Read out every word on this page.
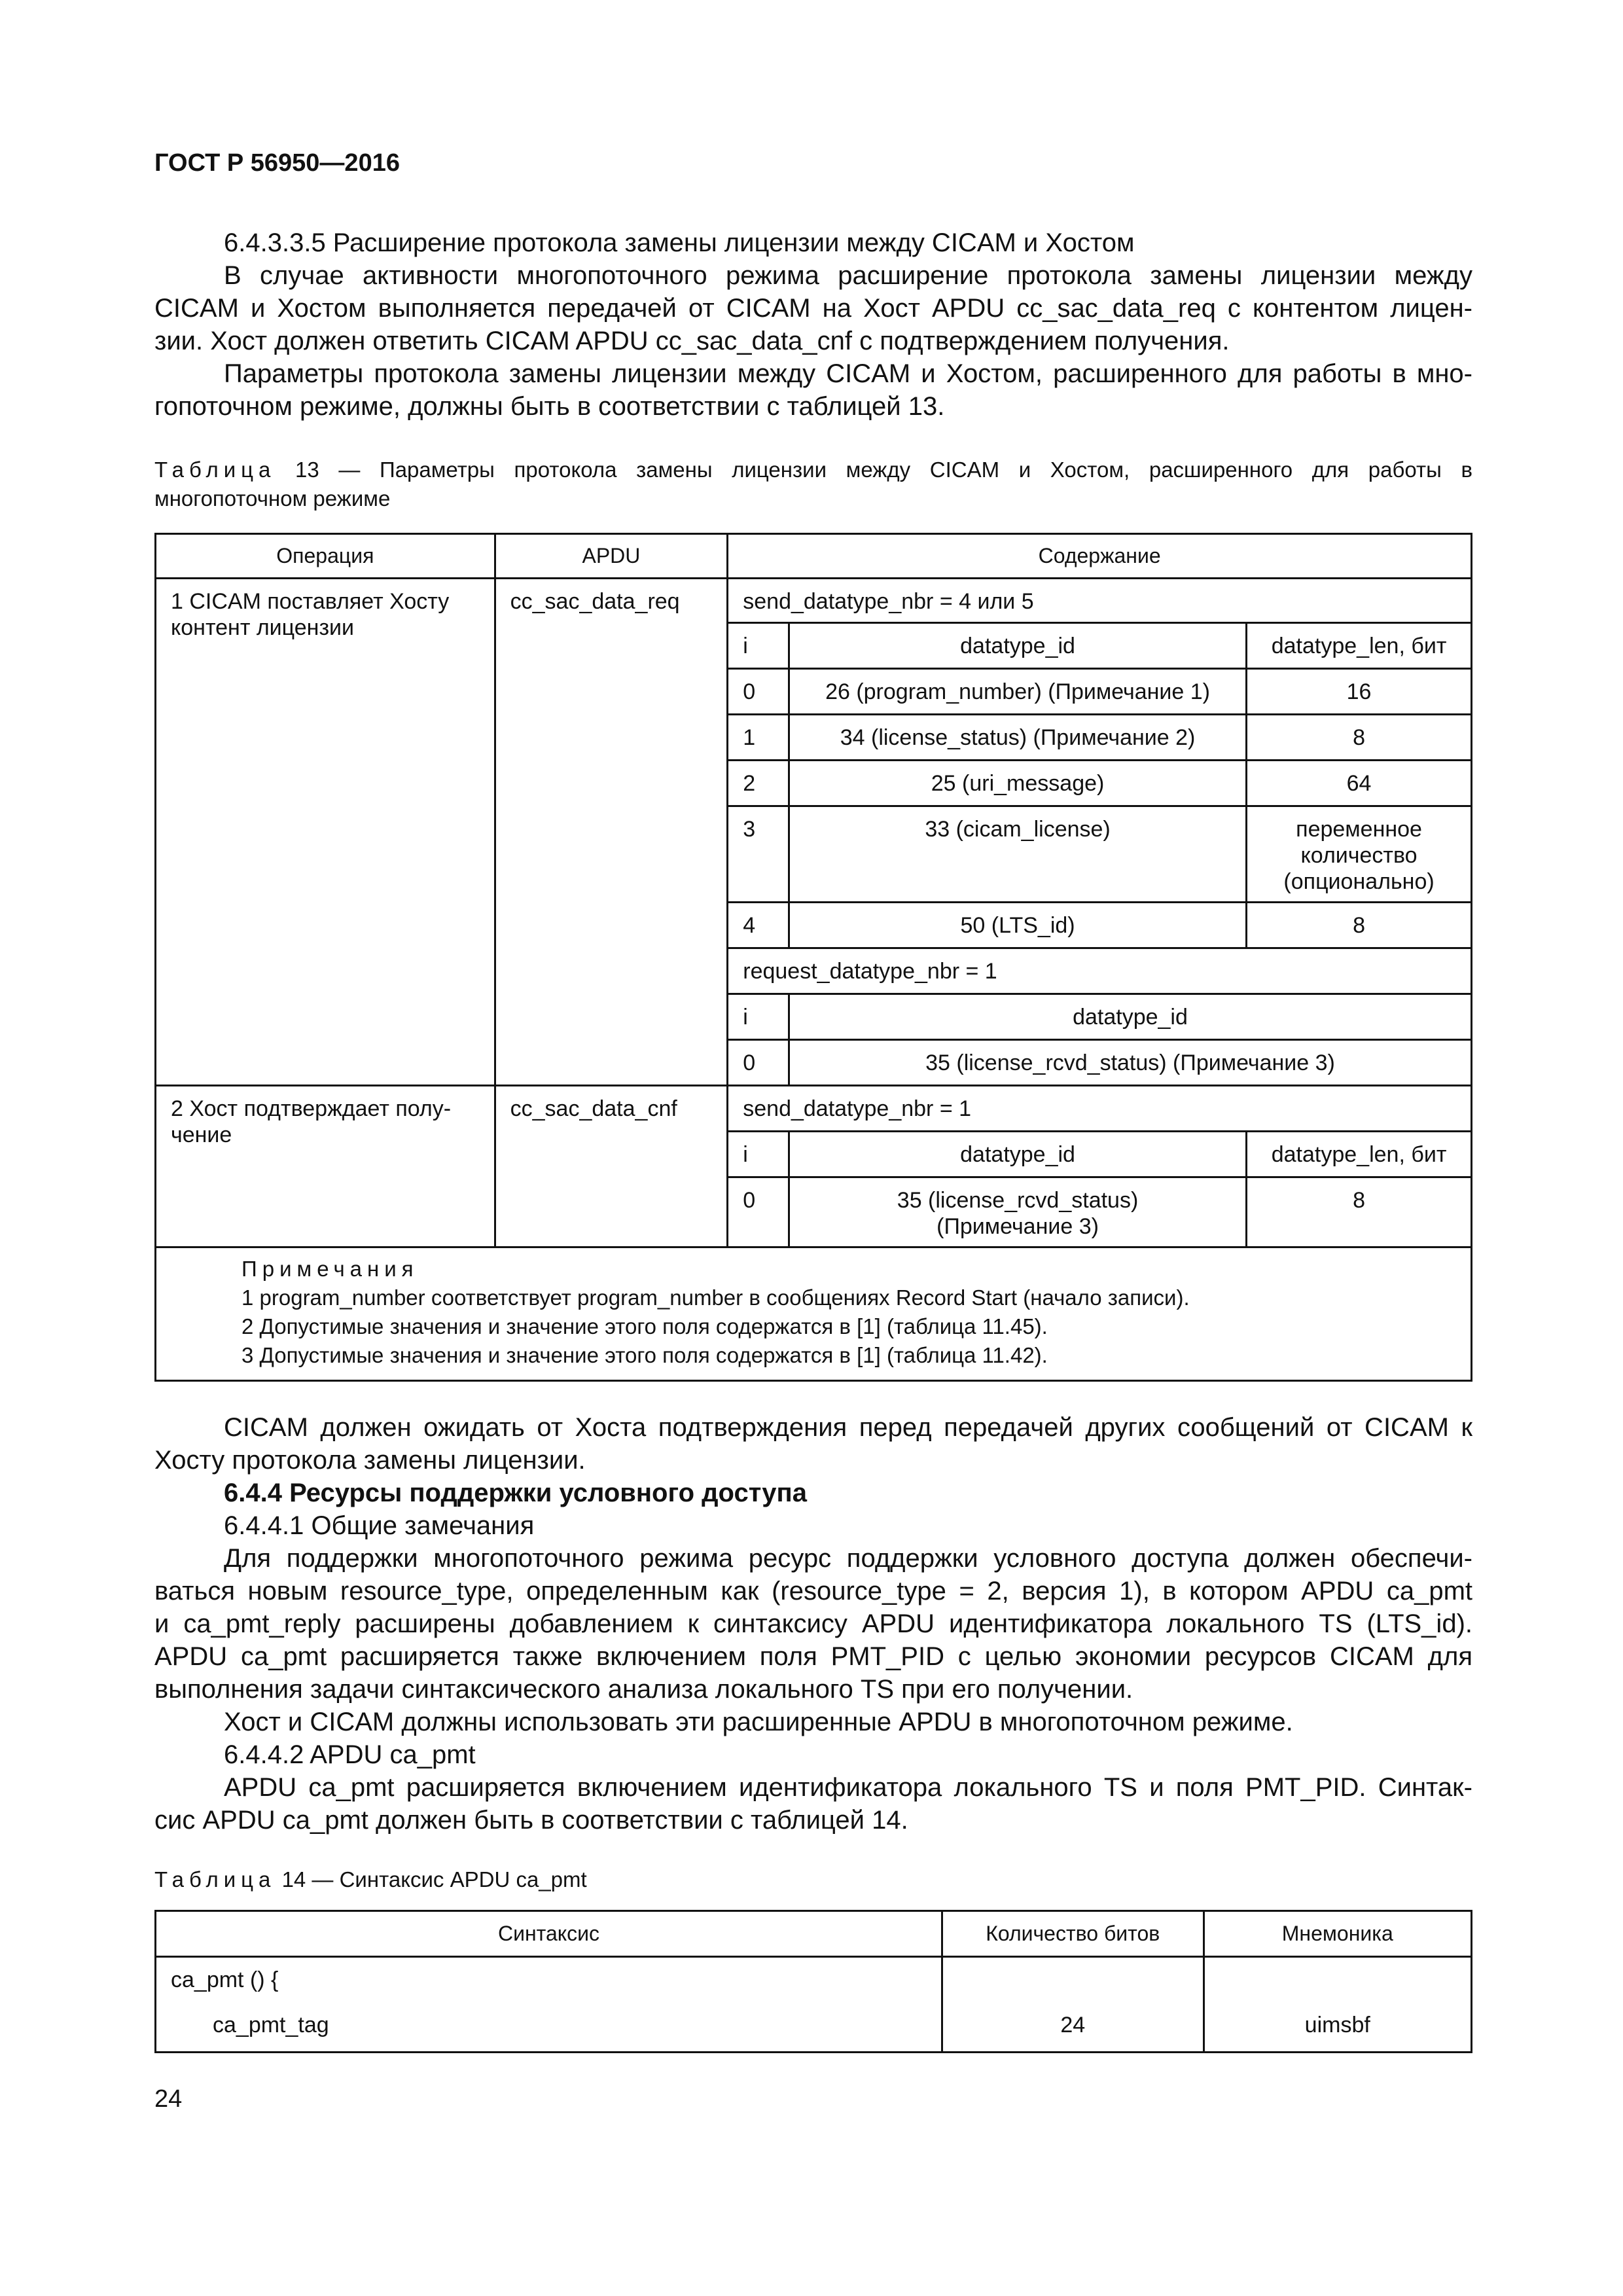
ГОСТ Р 56950—2016
6.4.3.3.5 Расширение протокола замены лицензии между CICAM и Хостом
В случае активности многопоточного режима расширение протокола замены лицензии между
CICAM и Хостом выполняется передачей от CICAM на Хост APDU cc_sac_data_req с контентом лицен-
зии. Хост должен ответить CICAM APDU cc_sac_data_cnf с подтверждением получения.
Параметры протокола замены лицензии между CICAM и Хостом, расширенного для работы в мно-
гопоточном режиме, должны быть в соответствии с таблицей 13.
Таблица 13 — Параметры протокола замены лицензии между CICAM и Хостом, расширенного для работы в
многопоточном режиме
Операция	APDU	Содержание		
1 CICAM поставляет Хосту контент лицензии	cc_sac_data_req	send_datatype_nbr = 4 или 5		
		i	datatype_id	datatype_len, бит
		0	26 (program_number) (Примечание 1)	16
		1	34 (license_status) (Примечание 2)	8
		2	25 (uri_message)	64
		3	33 (cicam_license)	переменное количество (опционально)
		4	50 (LTS_id)	8
		request_datatype_nbr = 1		
		i	datatype_id	
		0	35 (license_rcvd_status) (Примечание 3)	
2 Хост подтверждает полу-чение	cc_sac_data_cnf	send_datatype_nbr = 1		
		i	datatype_id	datatype_len, бит
		0	35 (license_rcvd_status) (Примечание 3)	8

Примечания
1 program_number соответствует program_number в сообщениях Record Start (начало записи).
2 Допустимые значения и значение этого поля содержатся в [1] (таблица 11.45).
3 Допустимые значения и значение этого поля содержатся в [1] (таблица 11.42).				
CICAM должен ожидать от Хоста подтверждения перед передачей других сообщений от CICAM к
Хосту протокола замены лицензии.
6.4.4 Ресурсы поддержки условного доступа
6.4.4.1 Общие замечания
Для поддержки многопоточного режима ресурс поддержки условного доступа должен обеспечи-
ваться новым resource_type, определенным как (resource_type = 2, версия 1), в котором APDU ca_pmt
и ca_pmt_reply расширены добавлением к синтаксису APDU идентификатора локального TS (LTS_id).
APDU ca_pmt расширяется также включением поля PMT_PID с целью экономии ресурсов CICAM для
выполнения задачи синтаксического анализа локального TS при его получении.
Хост и CICAM должны использовать эти расширенные APDU в многопоточном режиме.
6.4.4.2 APDU ca_pmt
APDU ca_pmt расширяется включением идентификатора локального TS и поля PMT_PID. Синтак-
сис APDU ca_pmt должен быть в соответствии с таблицей 14.
Таблица 14 — Синтаксис APDU ca_pmt
Синтаксис	Количество битов	Мнемоника
ca_pmt () {		
ca_pmt_tag	24	uimsbf
24
